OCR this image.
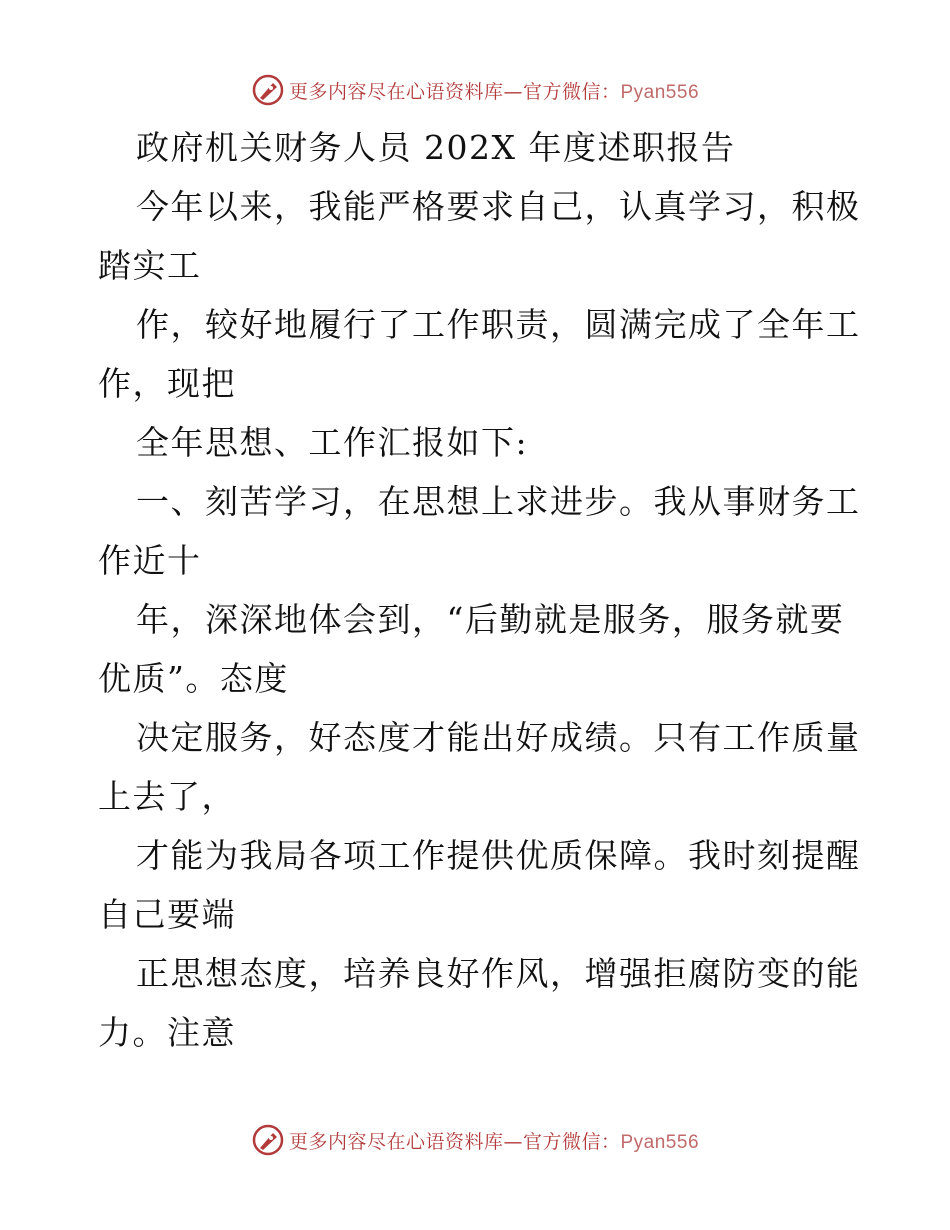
更多内容尽在心语资料库—官方微信：Pyan556
政府机关财务人员 202X 年度述职报告
今年以来，我能严格要求自己，认真学习，积极
踏实工
作，较好地履行了工作职责，圆满完成了全年工
作，现把
全年思想、工作汇报如下:
一、刻苦学习，在思想上求进步。我从事财务工
作近十
年，深深地体会到，“后勤就是服务，服务就要
优质”。态度
决定服务，好态度才能出好成绩。只有工作质量
上去了，
才能为我局各项工作提供优质保障。我时刻提醒
自己要端
正思想态度，培养良好作风，增强拒腐防变的能
力。注意
更多内容尽在心语资料库—官方微信：Pyan556
